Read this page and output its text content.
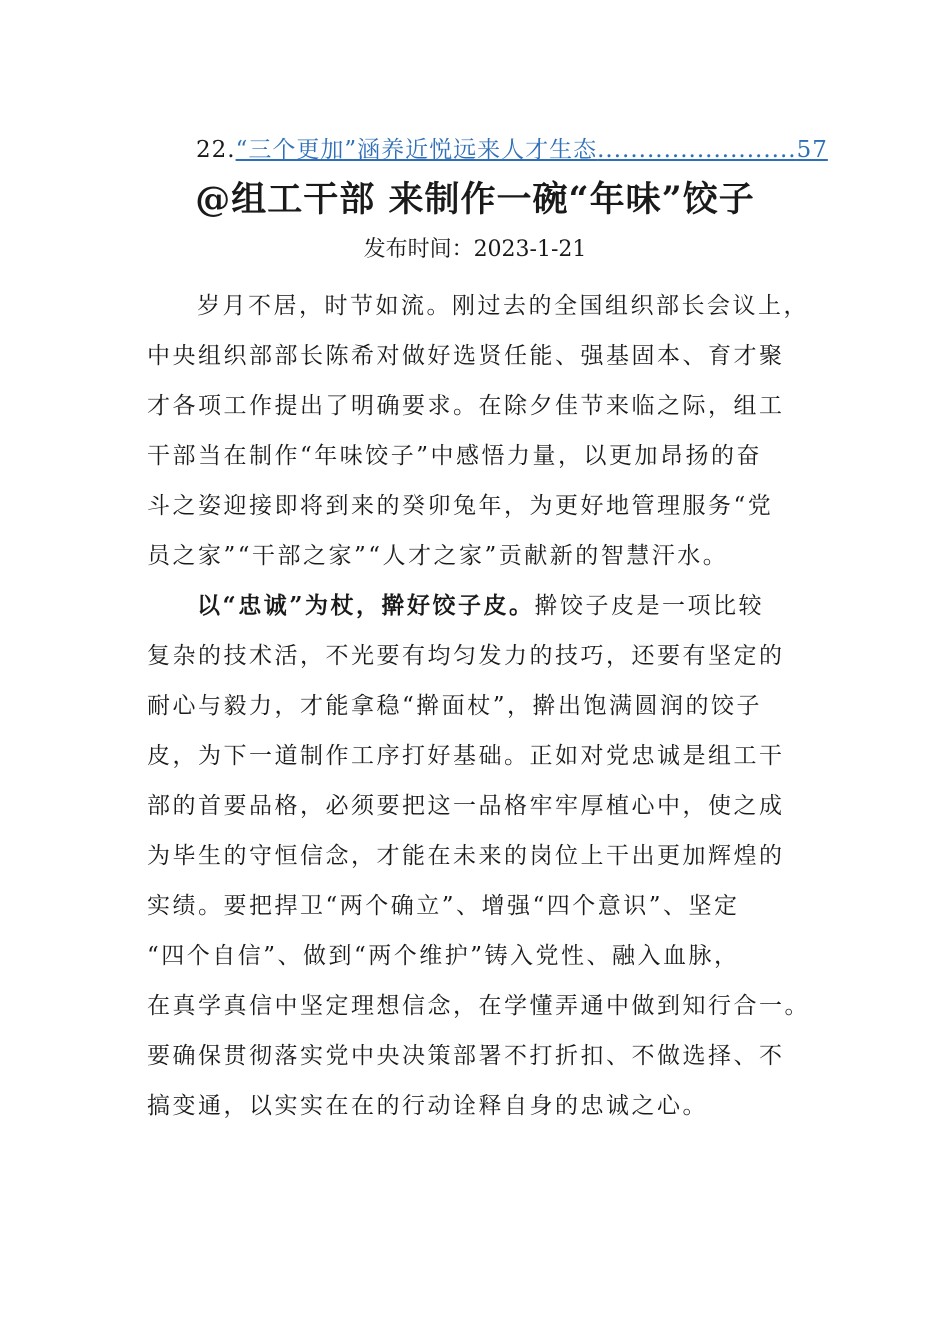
22.“三个更加”涵养近悦远来人才生态........................57
@组工干部 来制作一碗“年味”饺子
发布时间：2023-1-21

岁月不居，时节如流。刚过去的全国组织部长会议上，
中央组织部部长陈希对做好选贤任能、强基固本、育才聚
才各项工作提出了明确要求。在除夕佳节来临之际，组工
干部当在制作“年味饺子”中感悟力量，以更加昂扬的奋
斗之姿迎接即将到来的癸卯兔年，为更好地管理服务“党
员之家”“干部之家”“人才之家”贡献新的智慧汗水。

以“忠诚”为杖，擀好饺子皮。擀饺子皮是一项比较
复杂的技术活，不光要有均匀发力的技巧，还要有坚定的
耐心与毅力，才能拿稳“擀面杖”，擀出饱满圆润的饺子
皮，为下一道制作工序打好基础。正如对党忠诚是组工干
部的首要品格，必须要把这一品格牢牢厚植心中，使之成
为毕生的守恒信念，才能在未来的岗位上干出更加辉煌的
实绩。要把捍卫“两个确立”、增强“四个意识”、坚定
“四个自信”、做到“两个维护”铸入党性、融入血脉，
在真学真信中坚定理想信念，在学懂弄通中做到知行合一。
要确保贯彻落实党中央决策部署不打折扣、不做选择、不
搞变通，以实实在在的行动诠释自身的忠诚之心。
